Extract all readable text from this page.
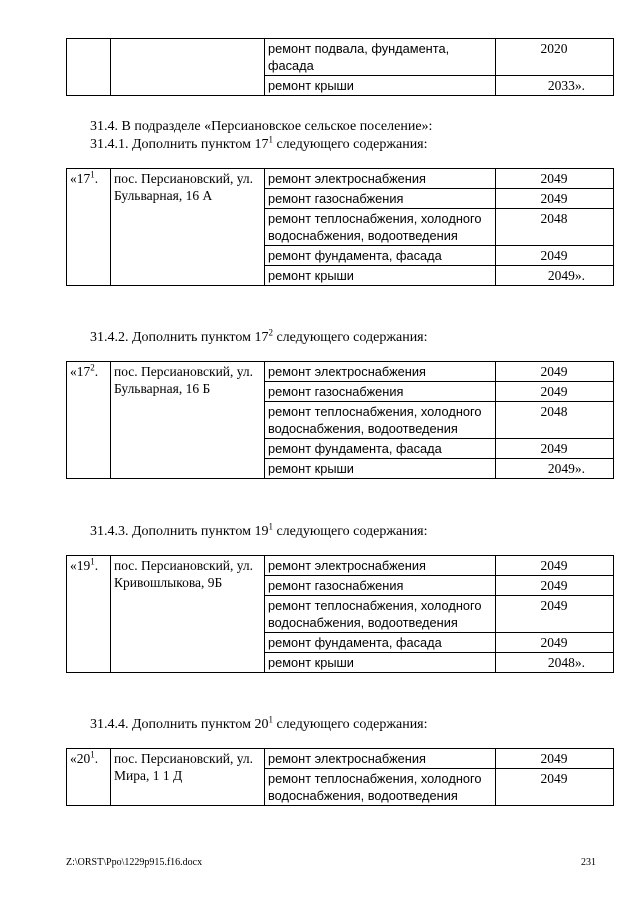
		ремонт подвала, фундамента, фасада	2020
		ремонт крыши	2033».
31.4. В подразделе «Персиановское сельское поселение»:
31.4.1. Дополнить пунктом $17^1$ следующего содержания:
«$17^1$.	пос. Персиановский, ул. Бульварная, 16 А	ремонт электроснабжения	2049
		ремонт газоснабжения	2049
		ремонт теплоснабжения, холодного водоснабжения, водоотведения	2048
		ремонт фундамента, фасада	2049
		ремонт крыши	2049».
31.4.2. Дополнить пунктом $17^2$ следующего содержания:
«$17^2$.	пос. Персиановский, ул. Бульварная, 16 Б	ремонт электроснабжения	2049
		ремонт газоснабжения	2049
		ремонт теплоснабжения, холодного водоснабжения, водоотведения	2048
		ремонт фундамента, фасада	2049
		ремонт крыши	2049».
31.4.3. Дополнить пунктом $19^1$ следующего содержания:
«$19^1$.	пос. Персиановский, ул. Кривошлыкова, 9Б	ремонт электроснабжения	2049
		ремонт газоснабжения	2049
		ремонт теплоснабжения, холодного водоснабжения, водоотведения	2049
		ремонт фундамента, фасада	2049
		ремонт крыши	2048».
31.4.4. Дополнить пунктом $20^1$ следующего содержания:
«$20^1$.	пос. Персиановский, ул. Мира, 1 1 Д	ремонт электроснабжения	2049
		ремонт теплоснабжения, холодного водоснабжения, водоотведения	2049
Z:\ORST\Ppo\1229p915.f16.docx	231
